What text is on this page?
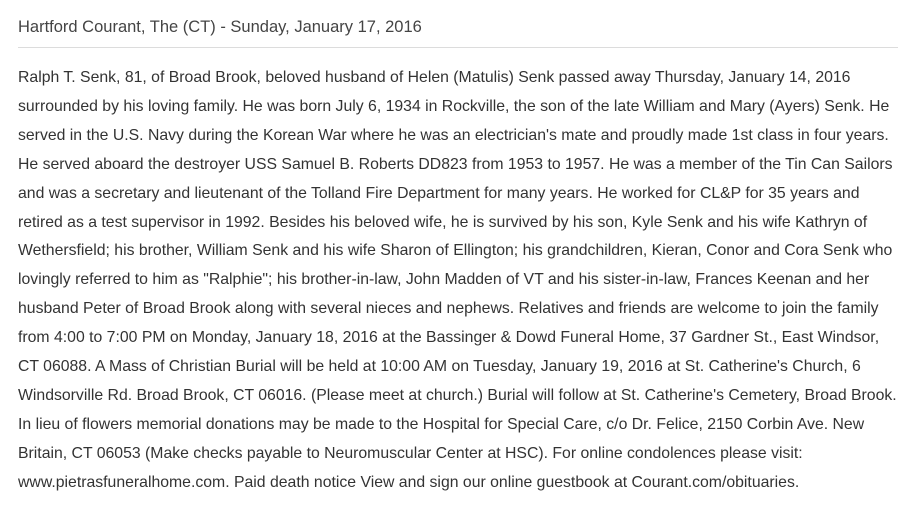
Hartford Courant, The (CT) - Sunday, January 17, 2016

Ralph T. Senk, 81, of Broad Brook, beloved husband of Helen (Matulis) Senk passed away Thursday, January 14, 2016 surrounded by his loving family. He was born July 6, 1934 in Rockville, the son of the late William and Mary (Ayers) Senk. He served in the U.S. Navy during the Korean War where he was an electrician's mate and proudly made 1st class in four years. He served aboard the destroyer USS Samuel B. Roberts DD823 from 1953 to 1957. He was a member of the Tin Can Sailors and was a secretary and lieutenant of the Tolland Fire Department for many years. He worked for CL&P for 35 years and retired as a test supervisor in 1992. Besides his beloved wife, he is survived by his son, Kyle Senk and his wife Kathryn of Wethersfield; his brother, William Senk and his wife Sharon of Ellington; his grandchildren, Kieran, Conor and Cora Senk who lovingly referred to him as "Ralphie"; his brother-in-law, John Madden of VT and his sister-in-law, Frances Keenan and her husband Peter of Broad Brook along with several nieces and nephews. Relatives and friends are welcome to join the family from 4:00 to 7:00 PM on Monday, January 18, 2016 at the Bassinger & Dowd Funeral Home, 37 Gardner St., East Windsor, CT 06088. A Mass of Christian Burial will be held at 10:00 AM on Tuesday, January 19, 2016 at St. Catherine's Church, 6 Windsorville Rd. Broad Brook, CT 06016. (Please meet at church.) Burial will follow at St. Catherine's Cemetery, Broad Brook. In lieu of flowers memorial donations may be made to the Hospital for Special Care, c/o Dr. Felice, 2150 Corbin Ave. New Britain, CT 06053 (Make checks payable to Neuromuscular Center at HSC). For online condolences please visit: www.pietrasfuneralhome.com. Paid death notice View and sign our online guestbook at Courant.com/obituaries.
